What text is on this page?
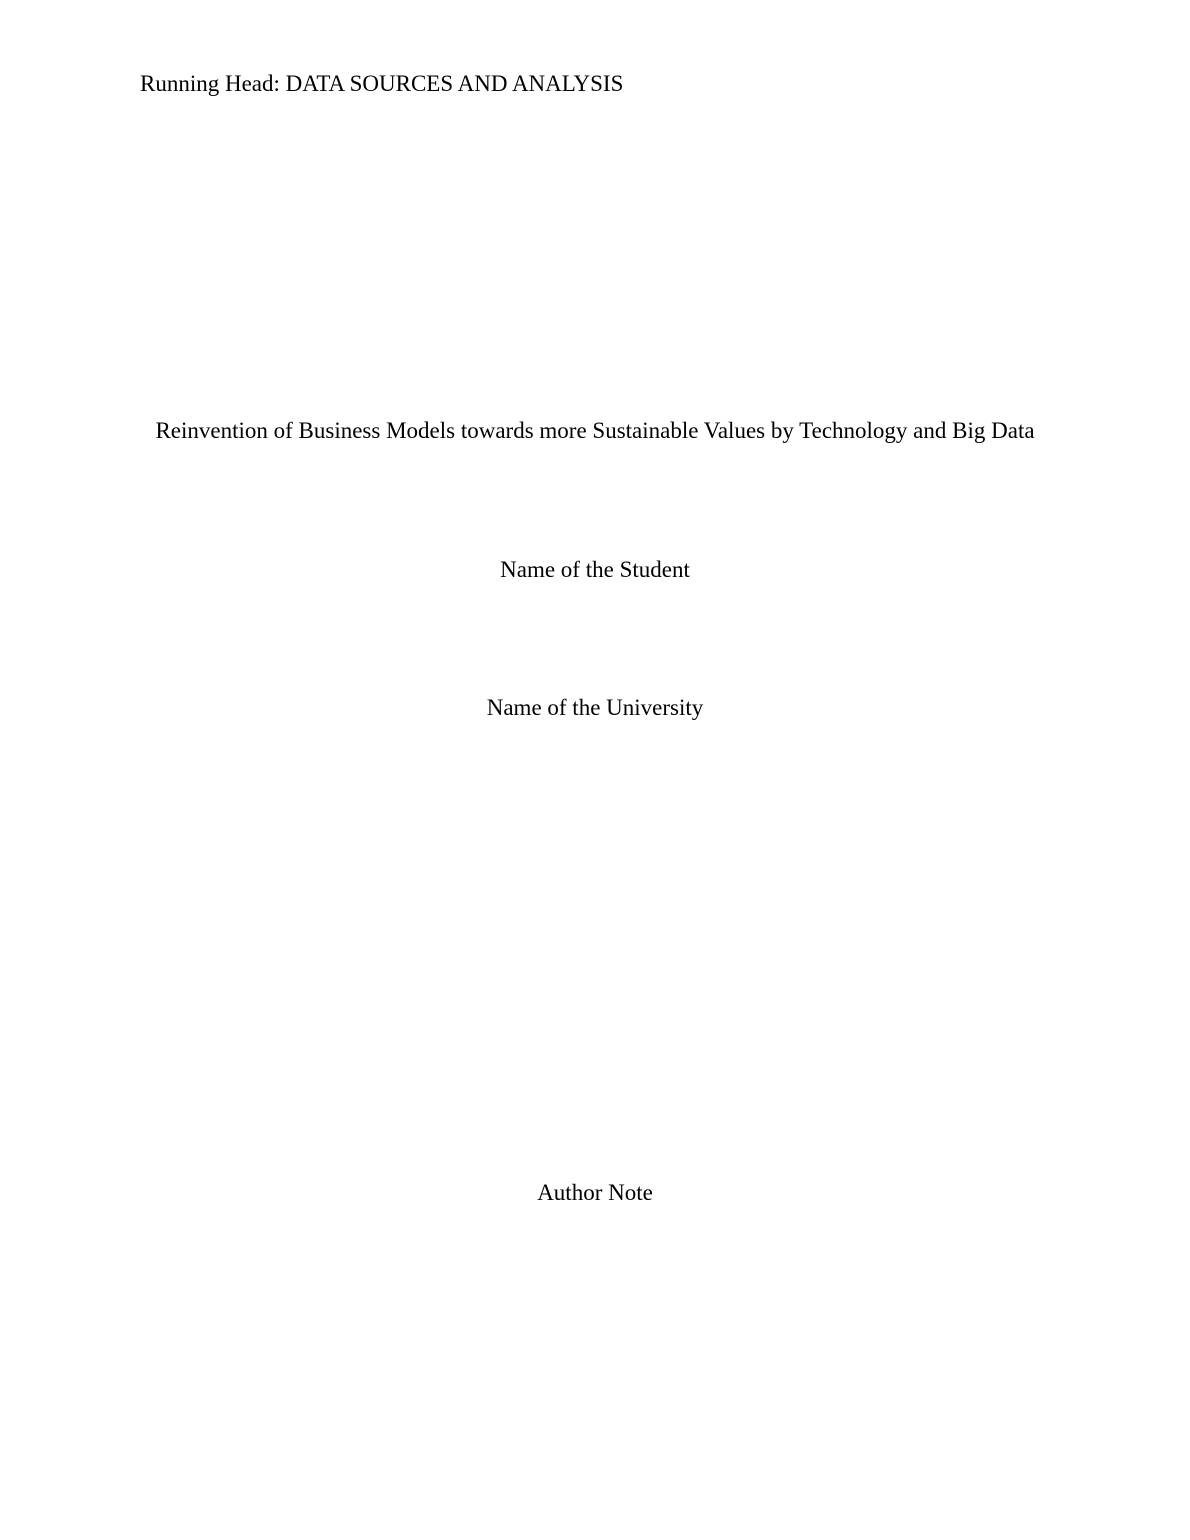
Running Head: DATA SOURCES AND ANALYSIS
Reinvention of Business Models towards more Sustainable Values by Technology and Big Data
Name of the Student
Name of the University
Author Note
